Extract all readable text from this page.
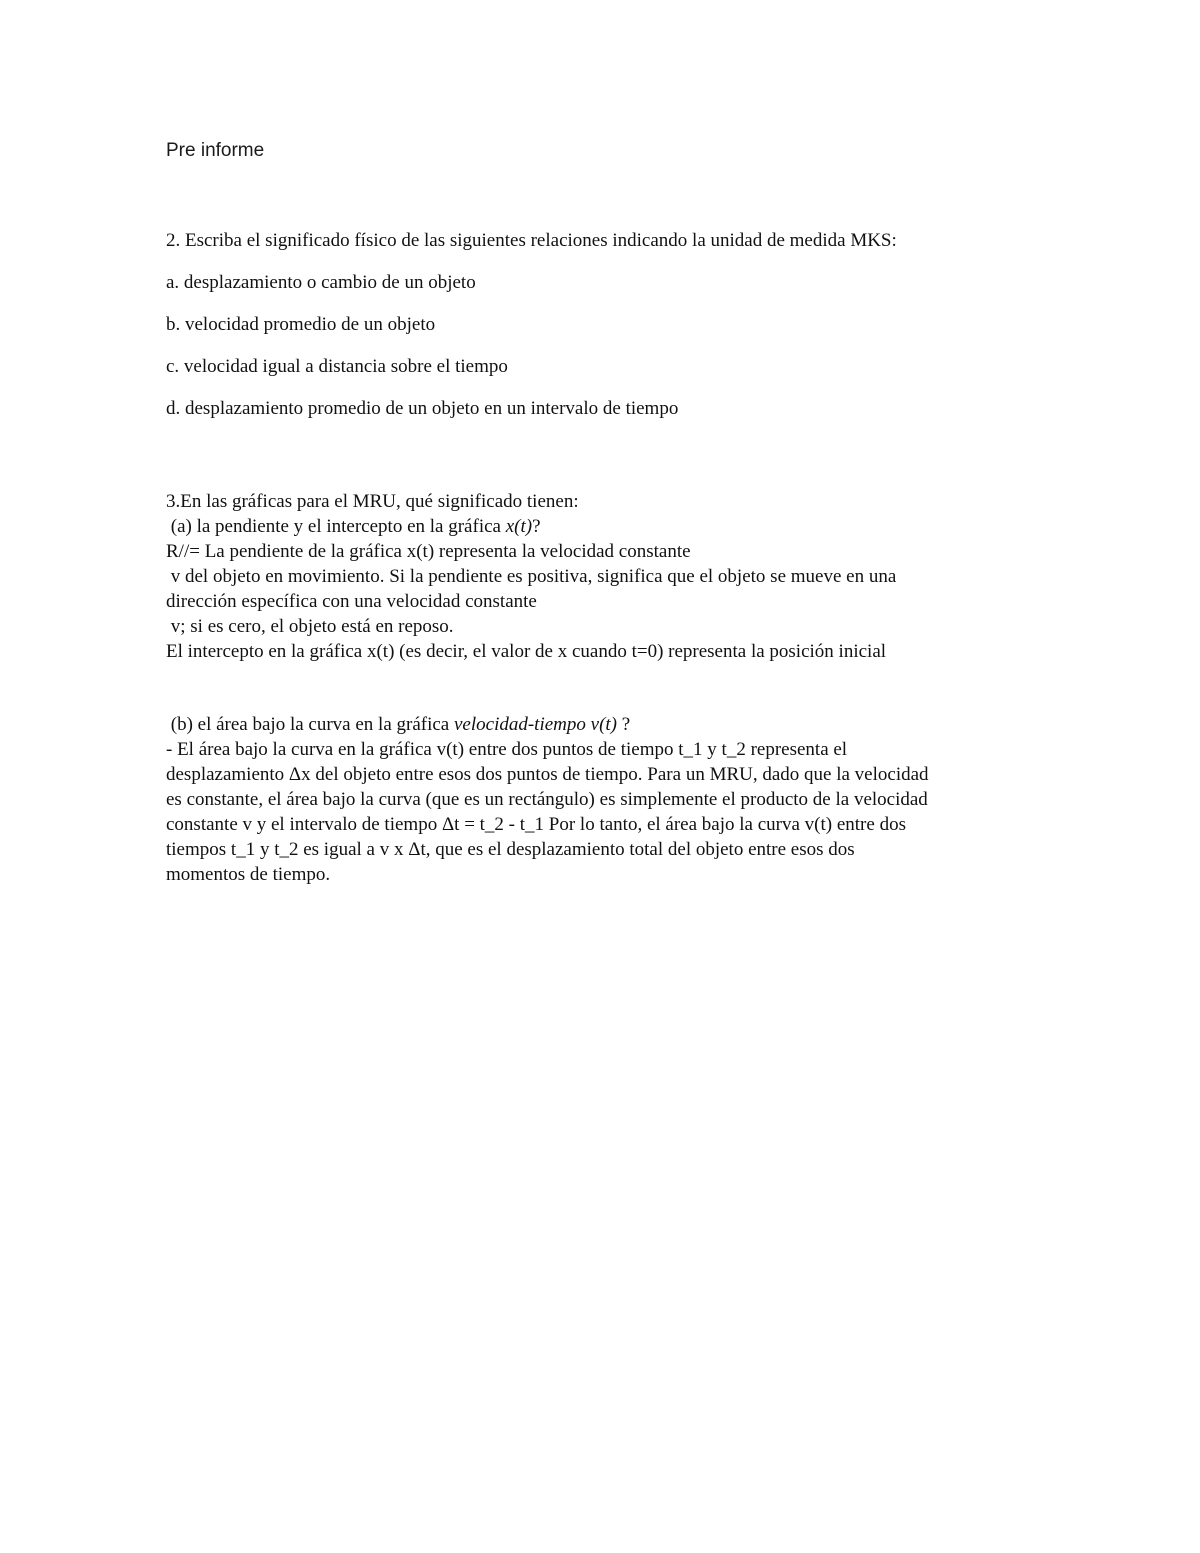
Pre informe
2. Escriba el significado físico de las siguientes relaciones indicando la unidad de medida MKS:
a. desplazamiento o cambio de un objeto
b. velocidad promedio de un objeto
c. velocidad igual a distancia sobre el tiempo
d. desplazamiento promedio de un objeto en un intervalo de tiempo
3.En las gráficas para el MRU, qué significado tienen:
(a) la pendiente y el intercepto en la gráfica x(t)?
R//= La pendiente de la gráfica x(t) representa la velocidad constante
v del objeto en movimiento. Si la pendiente es positiva, significa que el objeto se mueve en una
dirección específica con una velocidad constante
v; si es cero, el objeto está en reposo.
El intercepto en la gráfica x(t) (es decir, el valor de x cuando t=0) representa la posición inicial
(b) el área bajo la curva en la gráfica velocidad-tiempo v(t) ?
- El área bajo la curva en la gráfica v(t) entre dos puntos de tiempo t_1 y t_2 representa el
desplazamiento Δx del objeto entre esos dos puntos de tiempo. Para un MRU, dado que la velocidad
es constante, el área bajo la curva (que es un rectángulo) es simplemente el producto de la velocidad
constante v y el intervalo de tiempo Δt = t_2 - t_1 Por lo tanto, el área bajo la curva v(t) entre dos
tiempos t_1 y t_2 es igual a v x Δt, que es el desplazamiento total del objeto entre esos dos
momentos de tiempo.
